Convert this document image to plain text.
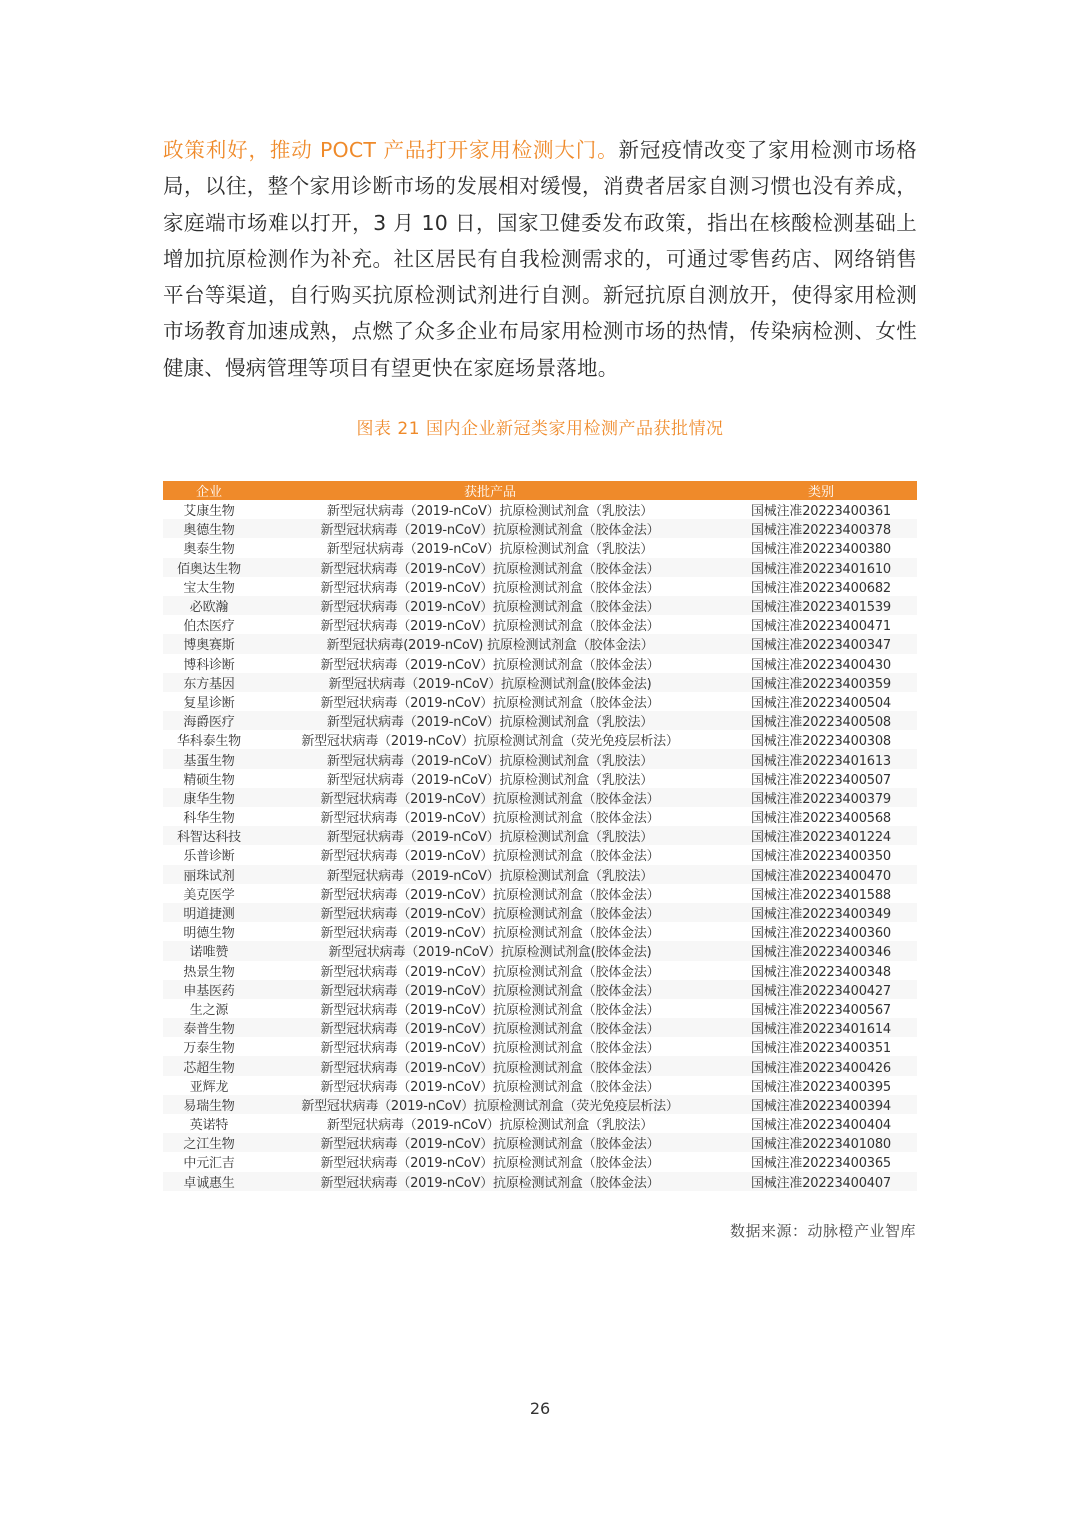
政策利好，推动 POCT 产品打开家用检测大门。新冠疫情改变了家用检测市场格局，以往，整个家用诊断市场的发展相对缓慢，消费者居家自测习惯也没有养成，家庭端市场难以打开，3 月 10 日，国家卫健委发布政策，指出在核酸检测基础上增加抗原检测作为补充。社区居民有自我检测需求的，可通过零售药店、网络销售平台等渠道，自行购买抗原检测试剂进行自测。新冠抗原自测放开，使得家用检测市场教育加速成熟，点燃了众多企业布局家用检测市场的热情，传染病检测、女性健康、慢病管理等项目有望更快在家庭场景落地。

图表 21 国内企业新冠类家用检测产品获批情况
企业	获批产品	类别
艾康生物	新型冠状病毒（2019-nCoV）抗原检测试剂盒（乳胶法）	国械注准20223400361
奥德生物	新型冠状病毒（2019-nCoV）抗原检测试剂盒（胶体金法）	国械注准20223400378
奥泰生物	新型冠状病毒（2019-nCoV）抗原检测试剂盒（乳胶法）	国械注准20223400380
佰奥达生物	新型冠状病毒（2019-nCoV）抗原检测试剂盒（胶体金法）	国械注准20223401610
宝太生物	新型冠状病毒（2019-nCoV）抗原检测试剂盒（胶体金法）	国械注准20223400682
必欧瀚	新型冠状病毒（2019-nCoV）抗原检测试剂盒（胶体金法）	国械注准20223401539
伯杰医疗	新型冠状病毒（2019-nCoV）抗原检测试剂盒（胶体金法）	国械注准20223400471
博奥赛斯	新型冠状病毒(2019-nCoV) 抗原检测试剂盒（胶体金法）	国械注准20223400347
博科诊断	新型冠状病毒（2019-nCoV）抗原检测试剂盒（胶体金法）	国械注准20223400430
东方基因	新型冠状病毒（2019-nCoV）抗原检测试剂盒(胶体金法)	国械注准20223400359
复星诊断	新型冠状病毒（2019-nCoV）抗原检测试剂盒（胶体金法）	国械注准20223400504
海爵医疗	新型冠状病毒（2019-nCoV）抗原检测试剂盒（乳胶法）	国械注准20223400508
华科泰生物	新型冠状病毒（2019-nCoV）抗原检测试剂盒（荧光免疫层析法）	国械注准20223400308
基蛋生物	新型冠状病毒（2019-nCoV）抗原检测试剂盒（乳胶法）	国械注准20223401613
精硕生物	新型冠状病毒（2019-nCoV）抗原检测试剂盒（乳胶法）	国械注准20223400507
康华生物	新型冠状病毒（2019-nCoV）抗原检测试剂盒（胶体金法）	国械注准20223400379
科华生物	新型冠状病毒（2019-nCoV）抗原检测试剂盒（胶体金法）	国械注准20223400568
科智达科技	新型冠状病毒（2019-nCoV）抗原检测试剂盒（乳胶法）	国械注准20223401224
乐普诊断	新型冠状病毒（2019-nCoV）抗原检测试剂盒（胶体金法）	国械注准20223400350
丽珠试剂	新型冠状病毒（2019-nCoV）抗原检测试剂盒（乳胶法）	国械注准20223400470
美克医学	新型冠状病毒（2019-nCoV）抗原检测试剂盒（胶体金法）	国械注准20223401588
明道捷测	新型冠状病毒（2019-nCoV）抗原检测试剂盒（胶体金法）	国械注准20223400349
明德生物	新型冠状病毒（2019-nCoV）抗原检测试剂盒（胶体金法）	国械注准20223400360
诺唯赞	新型冠状病毒（2019-nCoV）抗原检测试剂盒(胶体金法)	国械注准20223400346
热景生物	新型冠状病毒（2019-nCoV）抗原检测试剂盒（胶体金法）	国械注准20223400348
申基医药	新型冠状病毒（2019-nCoV）抗原检测试剂盒（胶体金法）	国械注准20223400427
生之源	新型冠状病毒（2019-nCoV）抗原检测试剂盒（胶体金法）	国械注准20223400567
泰普生物	新型冠状病毒（2019-nCoV）抗原检测试剂盒（胶体金法）	国械注准20223401614
万泰生物	新型冠状病毒（2019-nCoV）抗原检测试剂盒（胶体金法）	国械注准20223400351
芯超生物	新型冠状病毒（2019-nCoV）抗原检测试剂盒（胶体金法）	国械注准20223400426
亚辉龙	新型冠状病毒（2019-nCoV）抗原检测试剂盒（胶体金法）	国械注准20223400395
易瑞生物	新型冠状病毒（2019-nCoV）抗原检测试剂盒（荧光免疫层析法）	国械注准20223400394
英诺特	新型冠状病毒（2019-nCoV）抗原检测试剂盒（乳胶法）	国械注准20223400404
之江生物	新型冠状病毒（2019-nCoV）抗原检测试剂盒（胶体金法）	国械注准20223401080
中元汇吉	新型冠状病毒（2019-nCoV）抗原检测试剂盒（胶体金法）	国械注准20223400365
卓诚惠生	新型冠状病毒（2019-nCoV）抗原检测试剂盒（胶体金法）	国械注准20223400407
数据来源：动脉橙产业智库
26
